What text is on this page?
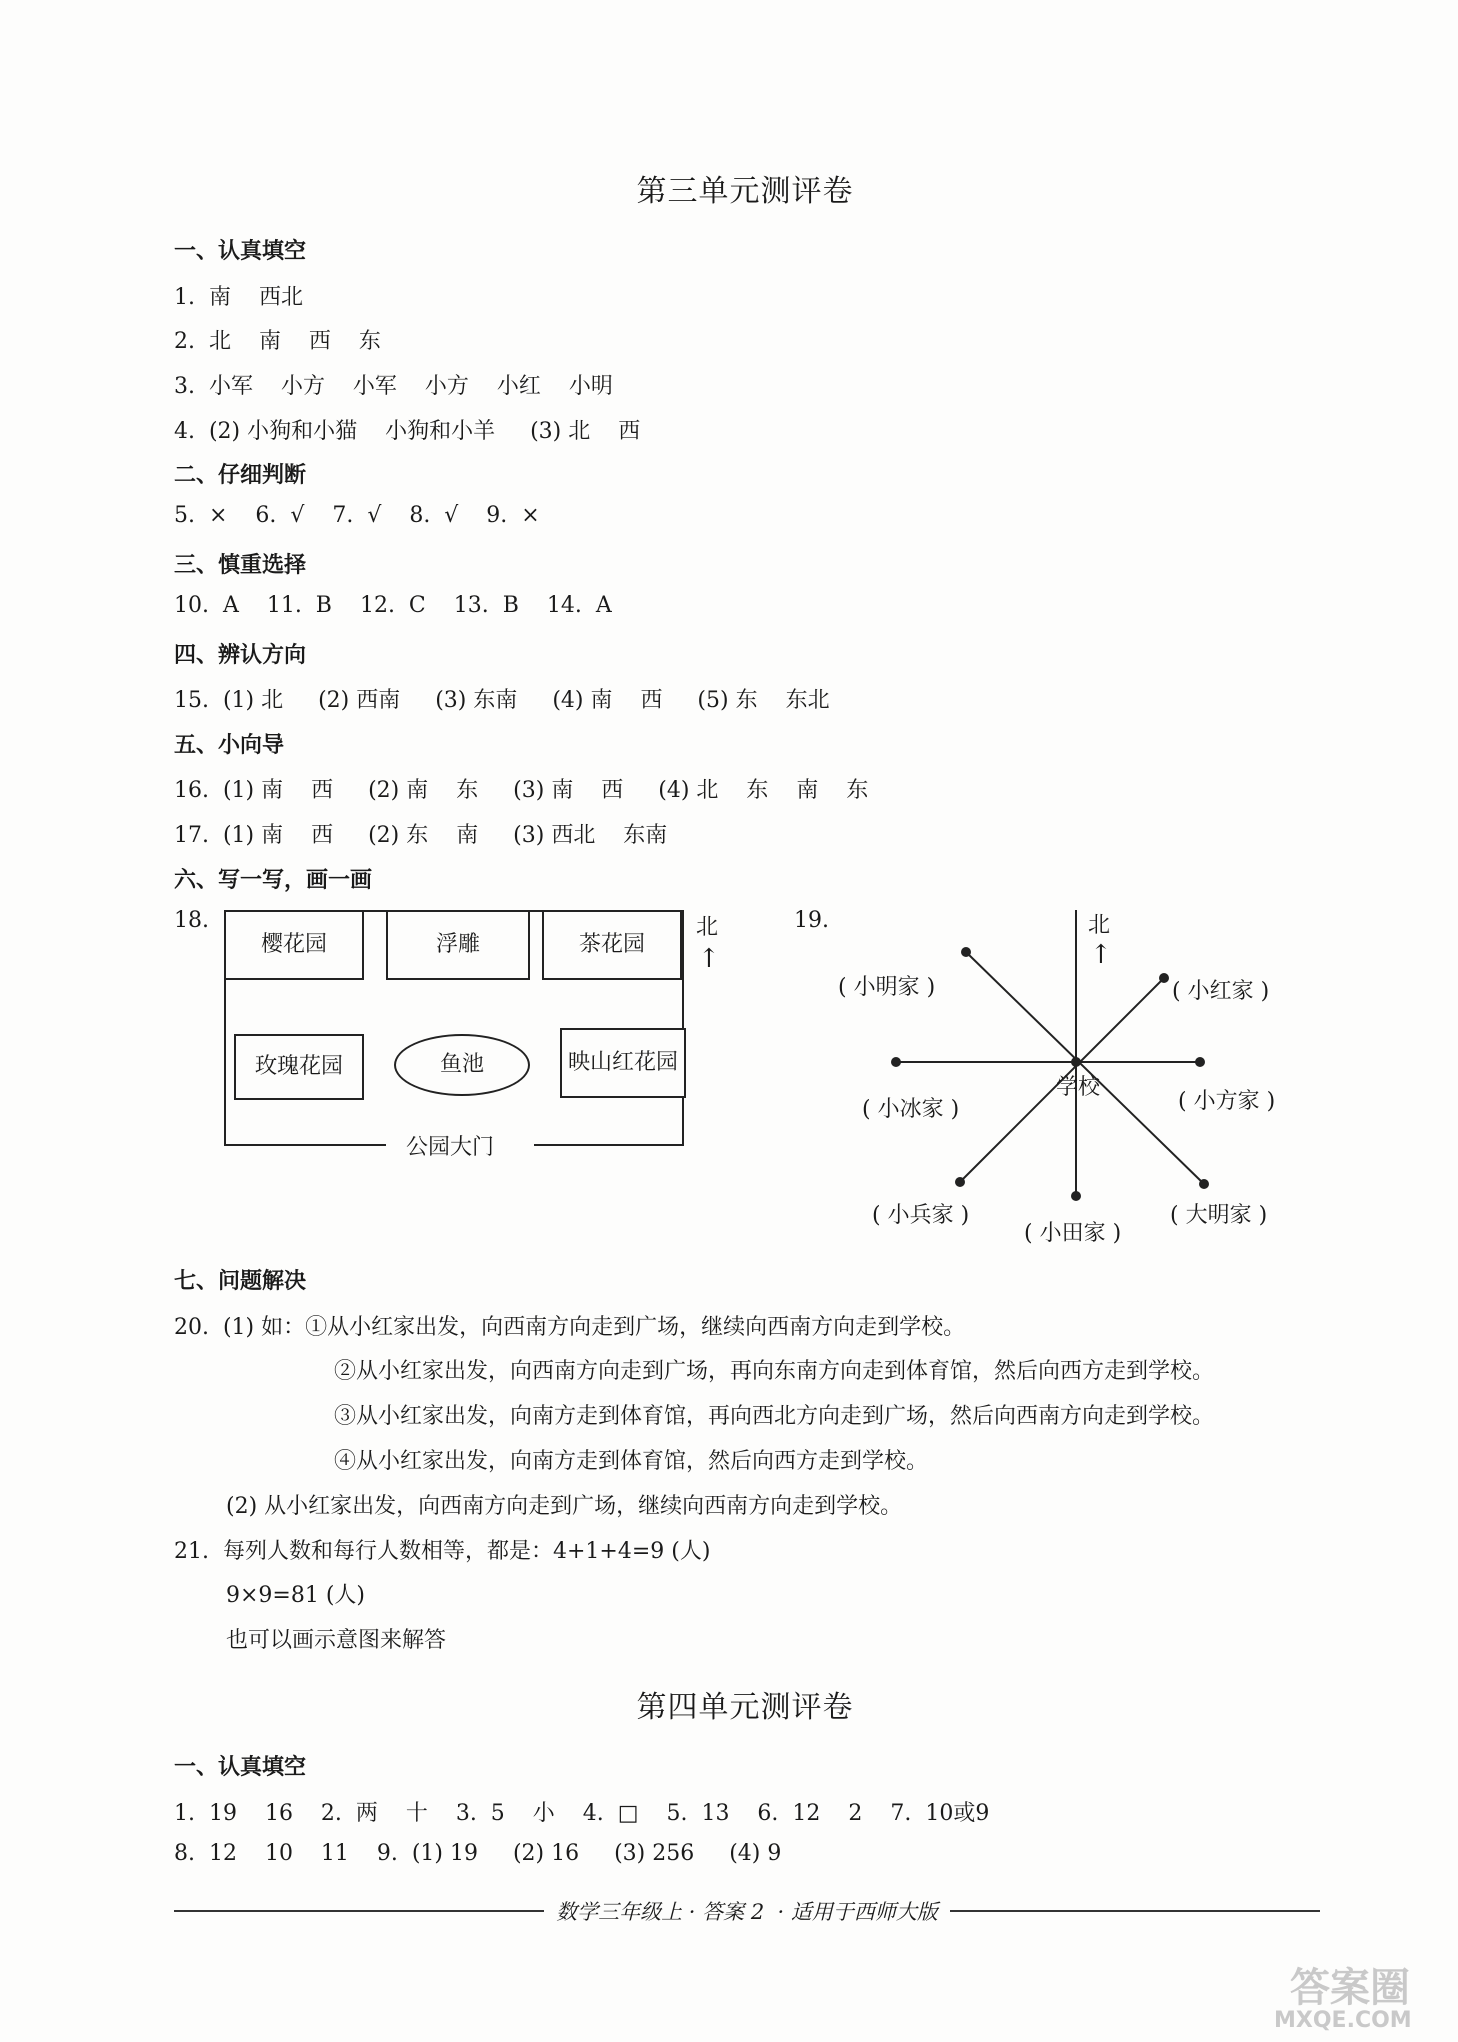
第三单元测评卷
一、认真填空
1.  南    西北
2.  北    南    西    东
3.  小军    小方    小军    小方    小红    小明
4.  (2) 小狗和小猫    小狗和小羊     (3) 北    西
二、仔细判断
5.  ×    6.  √    7.  √    8.  √    9.  ×
三、慎重选择
10.  A    11.  B    12.  C    13.  B    14.  A
四、辨认方向
15.  (1) 北     (2) 西南     (3) 东南     (4) 南    西     (5) 东    东北
五、小向导
16.  (1) 南    西     (2) 南    东     (3) 南    西     (4) 北    东    南    东
17.  (1) 南    西     (2) 东    南     (3) 西北    东南
六、写一写，画一画
18.
樱花园	浮雕	茶花园
玫瑰花园	鱼池	映山红花园
公园大门
北
↑
19.	北
↑
学校
( 小明家 )	( 小红家 )
( 小冰家 )	( 小方家 )
( 小兵家 )
( 小田家 )
( 大明家 )
七、问题解决
20.  (1) 如：①从小红家出发，向西南方向走到广场，继续向西南方向走到学校。
②从小红家出发，向西南方向走到广场，再向东南方向走到体育馆，然后向西方走到学校。
③从小红家出发，向南方走到体育馆，再向西北方向走到广场，然后向西南方向走到学校。
④从小红家出发，向南方走到体育馆，然后向西方走到学校。
(2) 从小红家出发，向西南方向走到广场，继续向西南方向走到学校。
21.  每列人数和每行人数相等，都是：4+1+4=9 (人)
9×9=81 (人)
也可以画示意图来解答
第四单元测评卷
一、认真填空
1.  19    16    2.  两    十    3.  5    小    4.  □    5.  13    6.  12    2    7.  10或9
8.  12    10    11    9.  (1) 19     (2) 16     (3) 256     (4) 9
数学三年级上 · 答案 2  · 适用于西师大版
答案圈
MXQE.COM
